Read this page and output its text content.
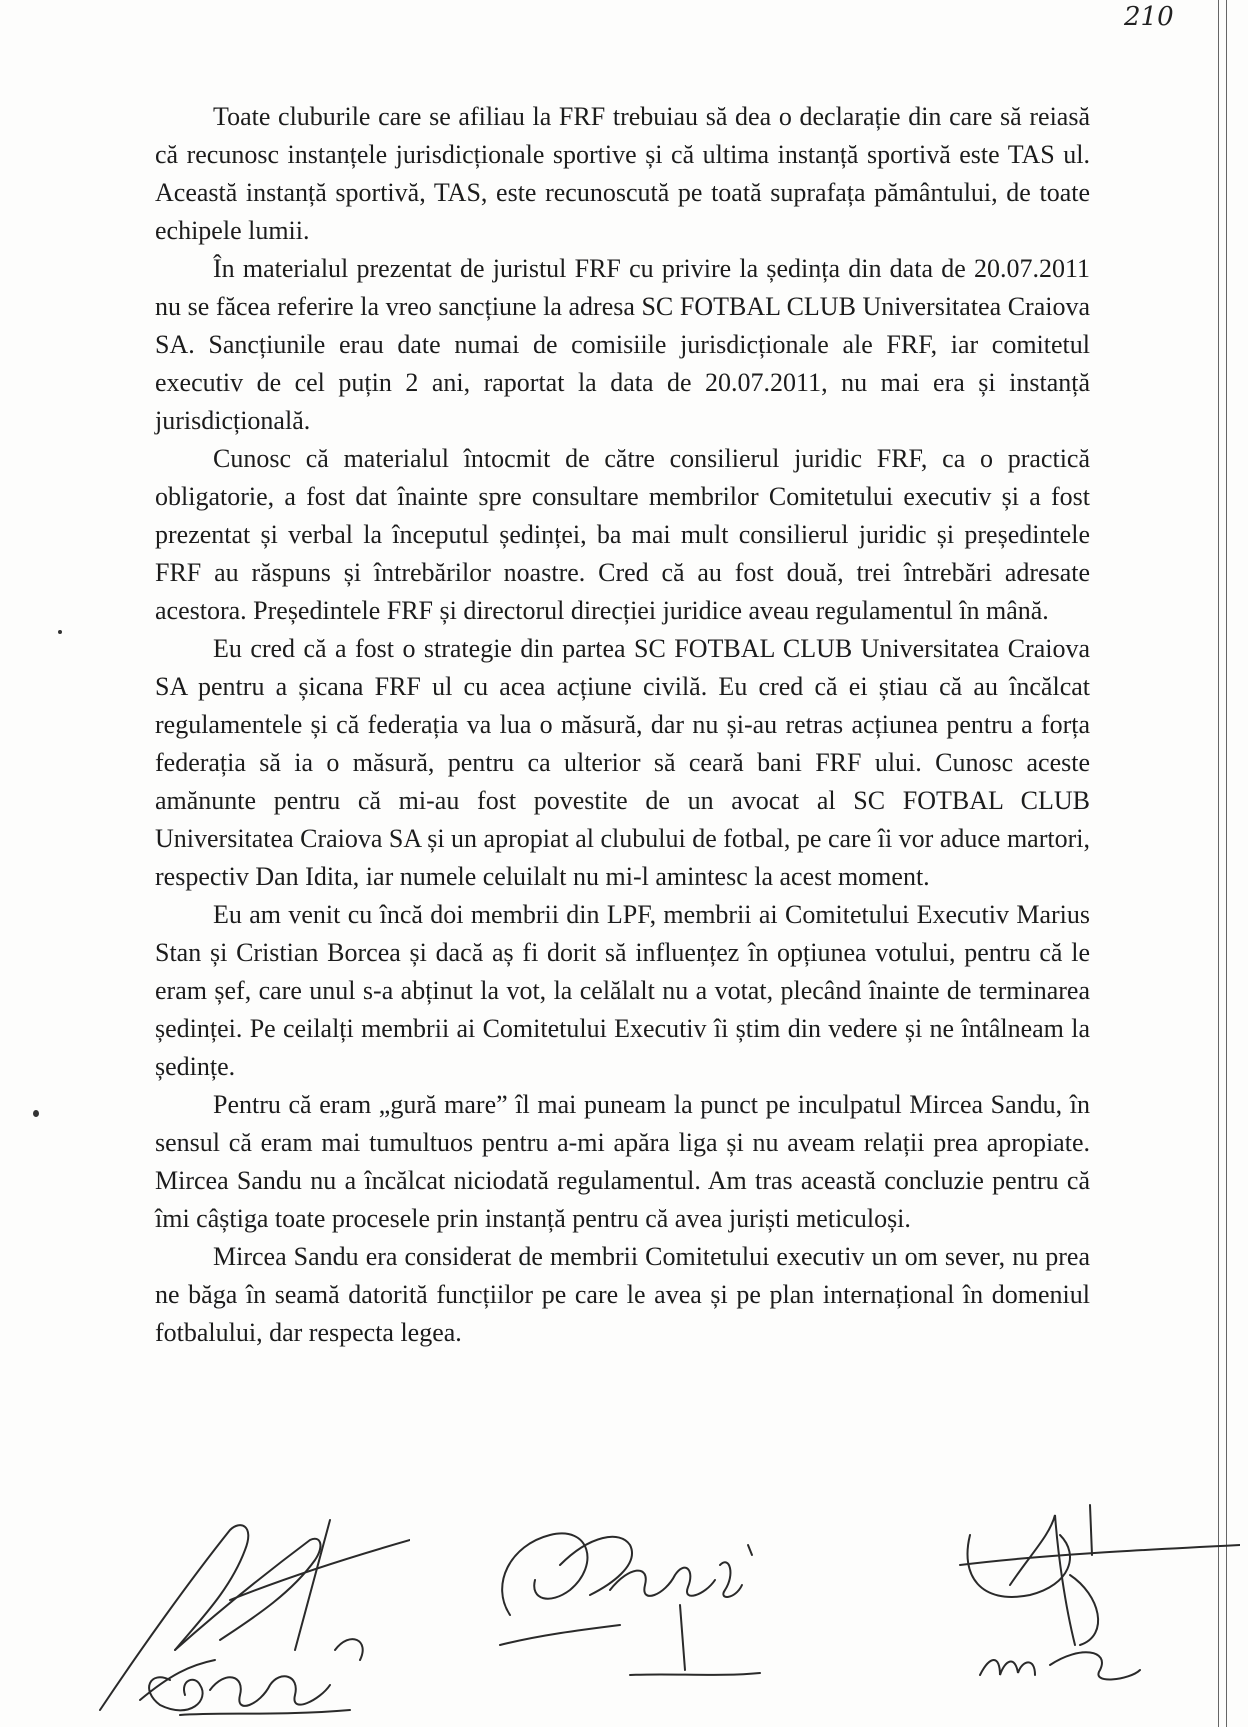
210

Toate cluburile care se afiliau la FRF trebuiau să dea o declarație din care să reiasă că recunosc instanțele jurisdicționale sportive și că ultima instanță sportivă este TAS ul. Această instanță sportivă, TAS, este recunoscută pe toată suprafața pământului, de toate echipele lumii.

În materialul prezentat de juristul FRF cu privire la ședința din data de 20.07.2011 nu se făcea referire la vreo sancțiune la adresa SC FOTBAL CLUB Universitatea Craiova SA. Sancțiunile erau date numai de comisiile jurisdicționale ale FRF, iar comitetul executiv de cel puțin 2 ani, raportat la data de 20.07.2011, nu mai era și instanță jurisdicțională.

Cunosc că materialul întocmit de către consilierul juridic FRF, ca o practică obligatorie, a fost dat înainte spre consultare membrilor Comitetului executiv și a fost prezentat și verbal la începutul ședinței, ba mai mult consilierul juridic și președintele FRF au răspuns și întrebărilor noastre. Cred că au fost două, trei întrebări adresate acestora. Președintele FRF și directorul direcției juridice aveau regulamentul în mână.

Eu cred că a fost o strategie din partea SC FOTBAL CLUB Universitatea Craiova SA pentru a șicana FRF ul cu acea acțiune civilă. Eu cred că ei știau că au încălcat regulamentele și că federația va lua o măsură, dar nu și-au retras acțiunea pentru a forța federația să ia o măsură, pentru ca ulterior să ceară bani FRF ului. Cunosc aceste amănunte pentru că mi-au fost povestite de un avocat al SC FOTBAL CLUB Universitatea Craiova SA și un apropiat al clubului de fotbal, pe care îi vor aduce martori, respectiv Dan Idita, iar numele celuilalt nu mi-l amintesc la acest moment.

Eu am venit cu încă doi membrii din LPF, membrii ai Comitetului Executiv Marius Stan și Cristian Borcea și dacă aș fi dorit să influențez în opțiunea votului, pentru că le eram șef, care unul s-a abținut la vot, la celălalt nu a votat, plecând înainte de terminarea ședinței. Pe ceilalți membrii ai Comitetului Executiv îi știm din vedere și ne întâlneam la ședințe.

Pentru că eram „gură mare” îl mai puneam la punct pe inculpatul Mircea Sandu, în sensul că eram mai tumultuos pentru a-mi apăra liga și nu aveam relații prea apropiate. Mircea Sandu nu a încălcat niciodată regulamentul. Am tras această concluzie pentru că îmi câștiga toate procesele prin instanță pentru că avea juriști meticuloși.

Mircea Sandu era considerat de membrii Comitetului executiv un om sever, nu prea ne băga în seamă datorită funcțiilor pe care le avea și pe plan internațional în domeniul fotbalului, dar respecta legea.
